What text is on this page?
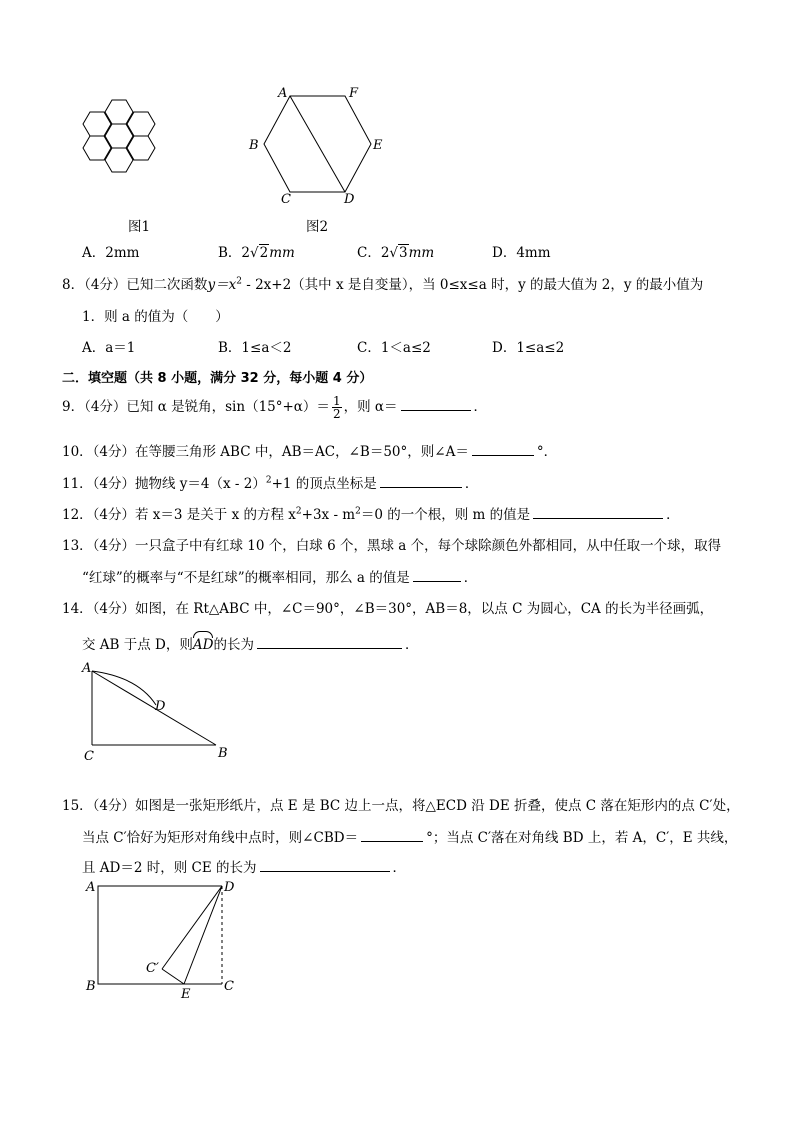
图1
A	F
B	E
C	D
图2
A．2mm	B．2√2mm	C．2√3mm	D．4mm
8．（4分）已知二次函数$y=x^2 - 2x+2$（其中 x 是自变量），当 0≤x≤a 时，y 的最大值为 2，y 的最小值为
1．则 a 的值为（　　）
A．a＝1	B．1≤a＜2	C．1＜a≤2	D．1≤a≤2
二．填空题（共 8 小题，满分 32 分，每小题 4 分）
9．（4分）已知 α 是锐角，$\sin(15^\circ+\alpha)= \frac{1}{2}$ ，则 α＝	．
10．（4分）在等腰三角形 ABC 中，AB＝AC，∠B＝50°，则∠A＝	°．
11．（4分）抛物线 y＝4（x - 2）$^2$+1 的顶点坐标是	．
12．（4分）若 x＝3 是关于 x 的方程 $x^2+3x - m^2=0$ 的一个根，则 m 的值是	．
13．（4分）一只盒子中有红球 10 个，白球 6 个，黑球 a 个，每个球除颜色外都相同，从中任取一个球，取得
“红球”的概率与“不是红球”的概率相同，那么 a 的值是	．
14．（4分）如图，在 Rt△ABC 中，∠C＝90°，∠B＝30°，AB＝8，以点 C 为圆心，CA 的长为半径画弧，
交 AB 于点 D，则
AD的长为	．
A
D
C	B
15．（4分）如图是一张矩形纸片，点 E 是 BC 边上一点，将△ECD 沿 DE 折叠，使点 C 落在矩形内的点 C′处，
当点 C′恰好为矩形对角线中点时，则∠CBD＝	°；当点 C′落在对角线 BD 上，若 A，C′，E 共线，
且 AD＝2 时，则 CE 的长为	．
A	D
C′
B
E
C
